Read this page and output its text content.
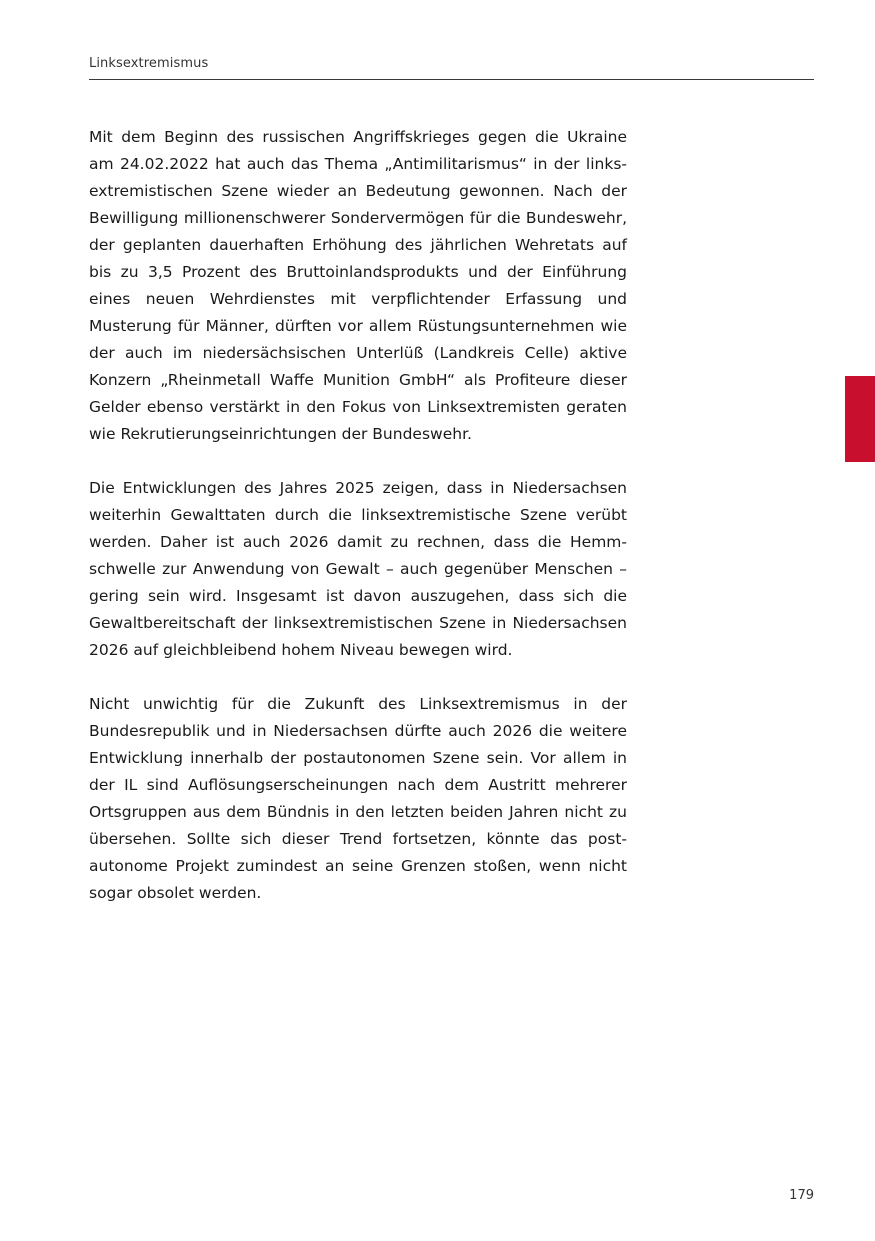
Linksextremismus

Mit dem Beginn des russischen Angriffskrieges gegen die Ukraine am 24.02.2022 hat auch das Thema „Antimilitarismus“ in der linksextremistischen Szene wieder an Bedeutung gewonnen. Nach der Bewilligung millionenschwerer Sondervermögen für die Bundeswehr, der geplanten dauerhaften Erhöhung des jährlichen Wehretats auf bis zu 3,5 Prozent des Bruttoinlandsprodukts und der Einführung eines neuen Wehrdienstes mit verpflichtender Erfassung und Musterung für Männer, dürften vor allem Rüstungsunternehmen wie der auch im niedersächsischen Unterlüß (Landkreis Celle) aktive Konzern „Rheinmetall Waffe Munition GmbH“ als Profiteure dieser Gelder ebenso verstärkt in den Fokus von Linksextremisten geraten wie Rekrutierungseinrichtungen der Bundeswehr.

Die Entwicklungen des Jahres 2025 zeigen, dass in Niedersachsen weiterhin Gewalttaten durch die linksextremistische Szene verübt werden. Daher ist auch 2026 damit zu rechnen, dass die Hemmschwelle zur Anwendung von Gewalt – auch gegenüber Menschen – gering sein wird. Insgesamt ist davon auszugehen, dass sich die Gewaltbereitschaft der linksextremistischen Szene in Niedersachsen 2026 auf gleichbleibend hohem Niveau bewegen wird.

Nicht unwichtig für die Zukunft des Linksextremismus in der Bundesrepublik und in Niedersachsen dürfte auch 2026 die weitere Entwicklung innerhalb der postautonomen Szene sein. Vor allem in der IL sind Auflösungserscheinungen nach dem Austritt mehrerer Ortsgruppen aus dem Bündnis in den letzten beiden Jahren nicht zu übersehen. Sollte sich dieser Trend fortsetzen, könnte das postautonome Projekt zumindest an seine Grenzen stoßen, wenn nicht sogar obsolet werden.

179
